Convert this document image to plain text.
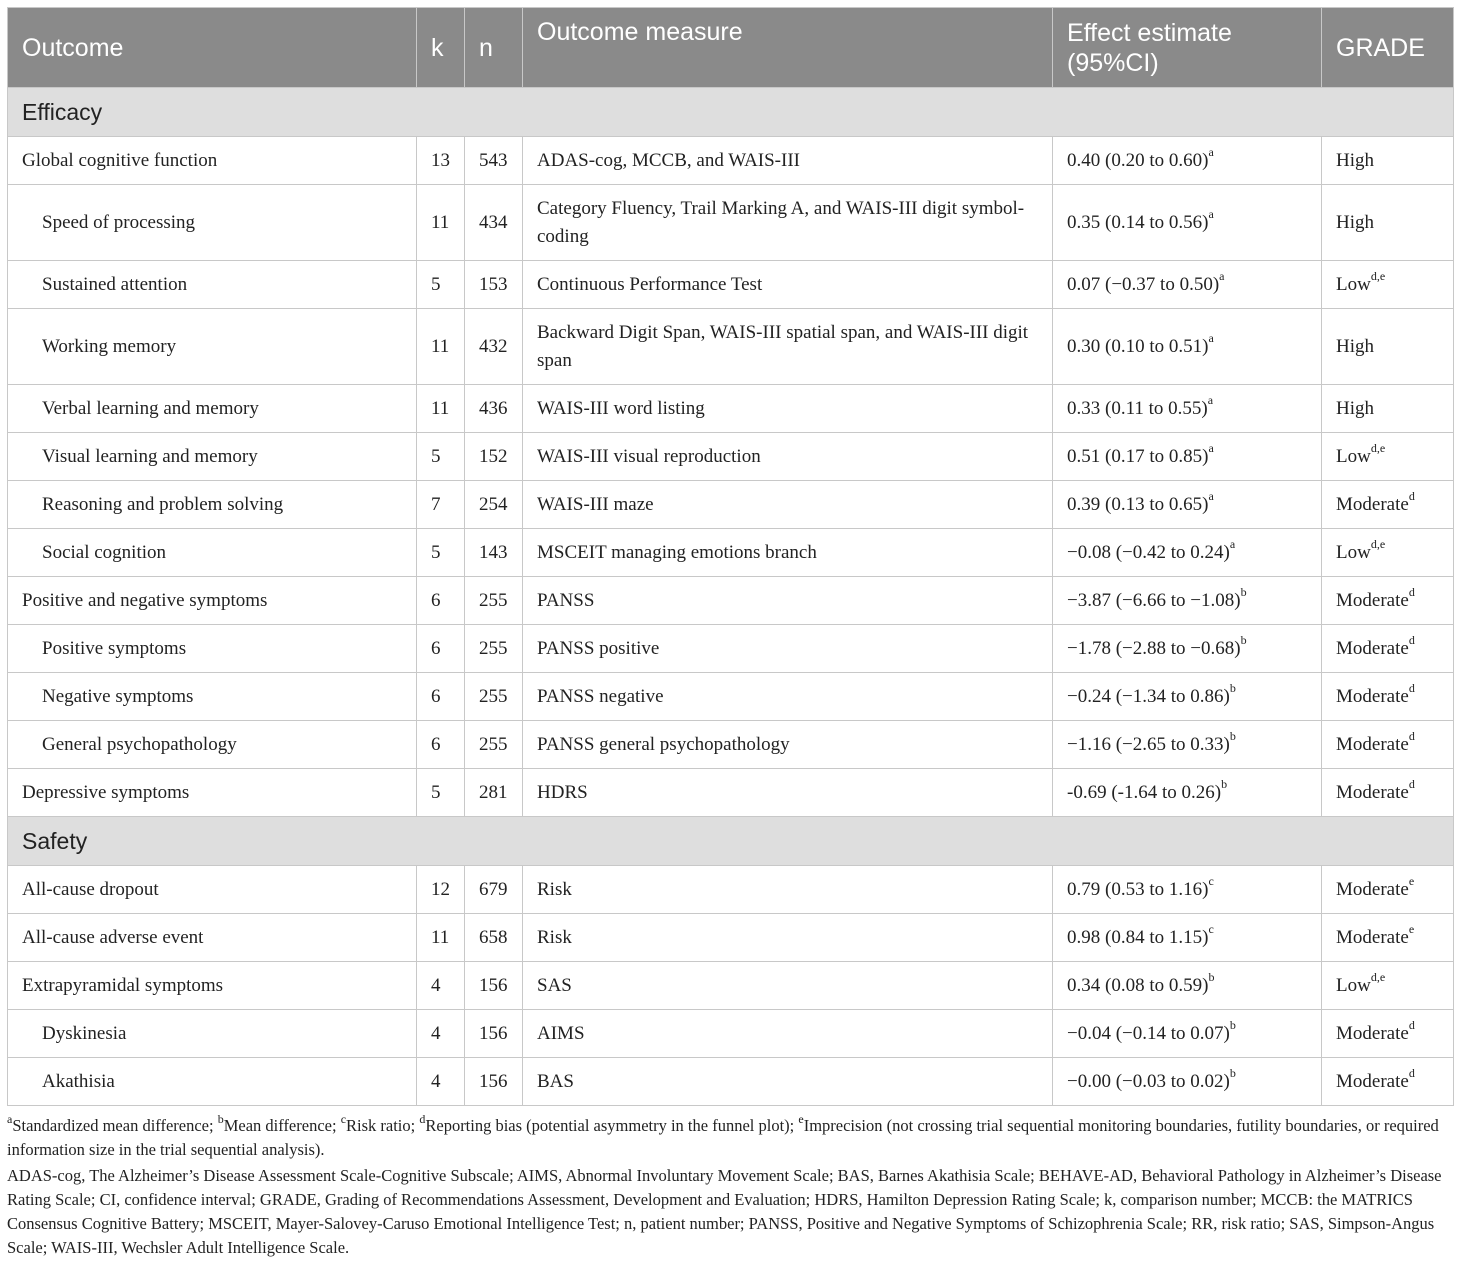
Outcome	k	n	Outcome measure	Effect estimate (95%CI)	GRADE
Efficacy					
Global cognitive function	13	543	ADAS-cog, MCCB, and WAIS-III	0.40 (0.20 to 0.60)$^a$	High
Speed of processing	11	434	Category Fluency, Trail Marking A, and WAIS-III digit symbol-coding	0.35 (0.14 to 0.56)$^a$	High
Sustained attention	5	153	Continuous Performance Test	0.07 (−0.37 to 0.50)$^a$	Low$^{d,e}$
Working memory	11	432	Backward Digit Span, WAIS-III spatial span, and WAIS-III digit span	0.30 (0.10 to 0.51)$^a$	High
Verbal learning and memory	11	436	WAIS-III word listing	0.33 (0.11 to 0.55)$^a$	High
Visual learning and memory	5	152	WAIS-III visual reproduction	0.51 (0.17 to 0.85)$^a$	Low$^{d,e}$
Reasoning and problem solving	7	254	WAIS-III maze	0.39 (0.13 to 0.65)$^a$	Moderate$^d$
Social cognition	5	143	MSCEIT managing emotions branch	−0.08 (−0.42 to 0.24)$^a$	Low$^{d,e}$
Positive and negative symptoms	6	255	PANSS	−3.87 (−6.66 to −1.08)$^b$	Moderate$^d$
Positive symptoms	6	255	PANSS positive	−1.78 (−2.88 to −0.68)$^b$	Moderate$^d$
Negative symptoms	6	255	PANSS negative	−0.24 (−1.34 to 0.86)$^b$	Moderate$^d$
General psychopathology	6	255	PANSS general psychopathology	−1.16 (−2.65 to 0.33)$^b$	Moderate$^d$
Depressive symptoms	5	281	HDRS	-0.69 (-1.64 to 0.26)$^b$	Moderate$^d$
Safety					
All-cause dropout	12	679	Risk	0.79 (0.53 to 1.16)$^c$	Moderate$^e$
All-cause adverse event	11	658	Risk	0.98 (0.84 to 1.15)$^c$	Moderate$^e$
Extrapyramidal symptoms	4	156	SAS	0.34 (0.08 to 0.59)$^b$	Low$^{d,e}$
Dyskinesia	4	156	AIMS	−0.04 (−0.14 to 0.07)$^b$	Moderate$^d$
Akathisia	4	156	BAS	−0.00 (−0.03 to 0.02)$^b$	Moderate$^d$

$^a$Standardized mean difference; $^b$Mean difference; $^c$Risk ratio; $^d$Reporting bias (potential asymmetry in the funnel plot); $^e$Imprecision (not crossing trial sequential monitoring boundaries, futility boundaries, or required information size in the trial sequential analysis).

ADAS-cog, The Alzheimer’s Disease Assessment Scale-Cognitive Subscale; AIMS, Abnormal Involuntary Movement Scale; BAS, Barnes Akathisia Scale; BEHAVE-AD, Behavioral Pathology in Alzheimer’s Disease Rating Scale; CI, confidence interval; GRADE, Grading of Recommendations Assessment, Development and Evaluation; HDRS, Hamilton Depression Rating Scale; k, comparison number; MCCB: the MATRICS Consensus Cognitive Battery; MSCEIT, Mayer-Salovey-Caruso Emotional Intelligence Test; n, patient number; PANSS, Positive and Negative Symptoms of Schizophrenia Scale; RR, risk ratio; SAS, Simpson-Angus Scale; WAIS-III, Wechsler Adult Intelligence Scale.
